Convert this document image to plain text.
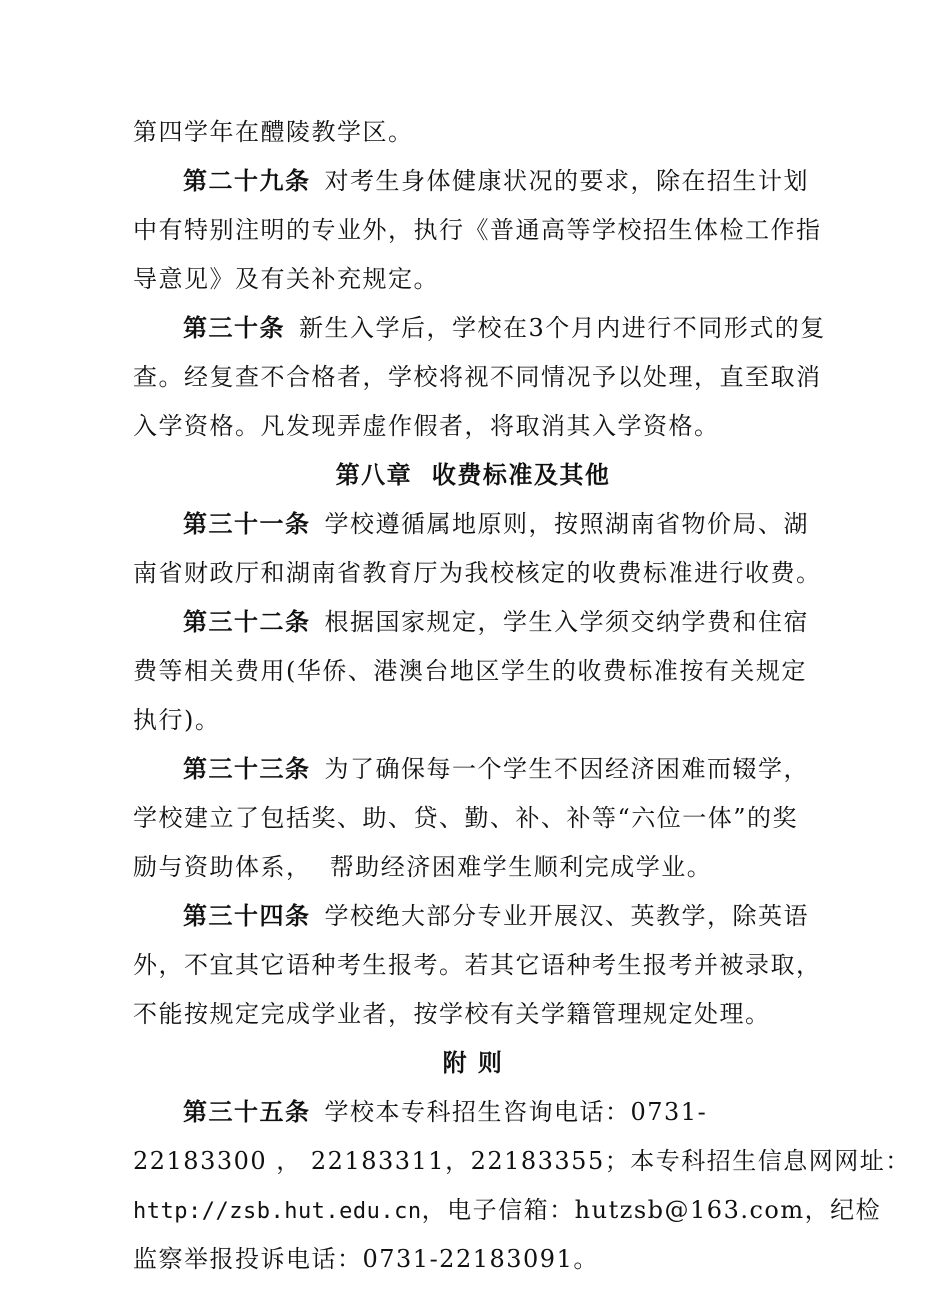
第四学年在醴陵教学区。
第二十九条 对考生身体健康状况的要求，除在招生计划
中有特别注明的专业外，执行《普通高等学校招生体检工作指
导意见》及有关补充规定。
第三十条 新生入学后，学校在3个月内进行不同形式的复
查。经复查不合格者，学校将视不同情况予以处理，直至取消
入学资格。凡发现弄虚作假者，将取消其入学资格。
第八章  收费标准及其他
第三十一条 学校遵循属地原则，按照湖南省物价局、湖
南省财政厅和湖南省教育厅为我校核定的收费标准进行收费。
第三十二条 根据国家规定，学生入学须交纳学费和住宿
费等相关费用(华侨、港澳台地区学生的收费标准按有关规定
执行)。
第三十三条 为了确保每一个学生不因经济困难而辍学，
学校建立了包括奖、助、贷、勤、补、补等“六位一体”的奖
励与资助体系，  帮助经济困难学生顺利完成学业。
第三十四条 学校绝大部分专业开展汉、英教学，除英语
外，不宜其它语种考生报考。若其它语种考生报考并被录取，
不能按规定完成学业者，按学校有关学籍管理规定处理。
附 则
第三十五条 学校本专科招生咨询电话：0731-
22183300 ， 22183311，22183355；本专科招生信息网网址：
http://zsb.hut.edu.cn，电子信箱：hutzsb@163.com，纪检
监察举报投诉电话：0731-22183091。
